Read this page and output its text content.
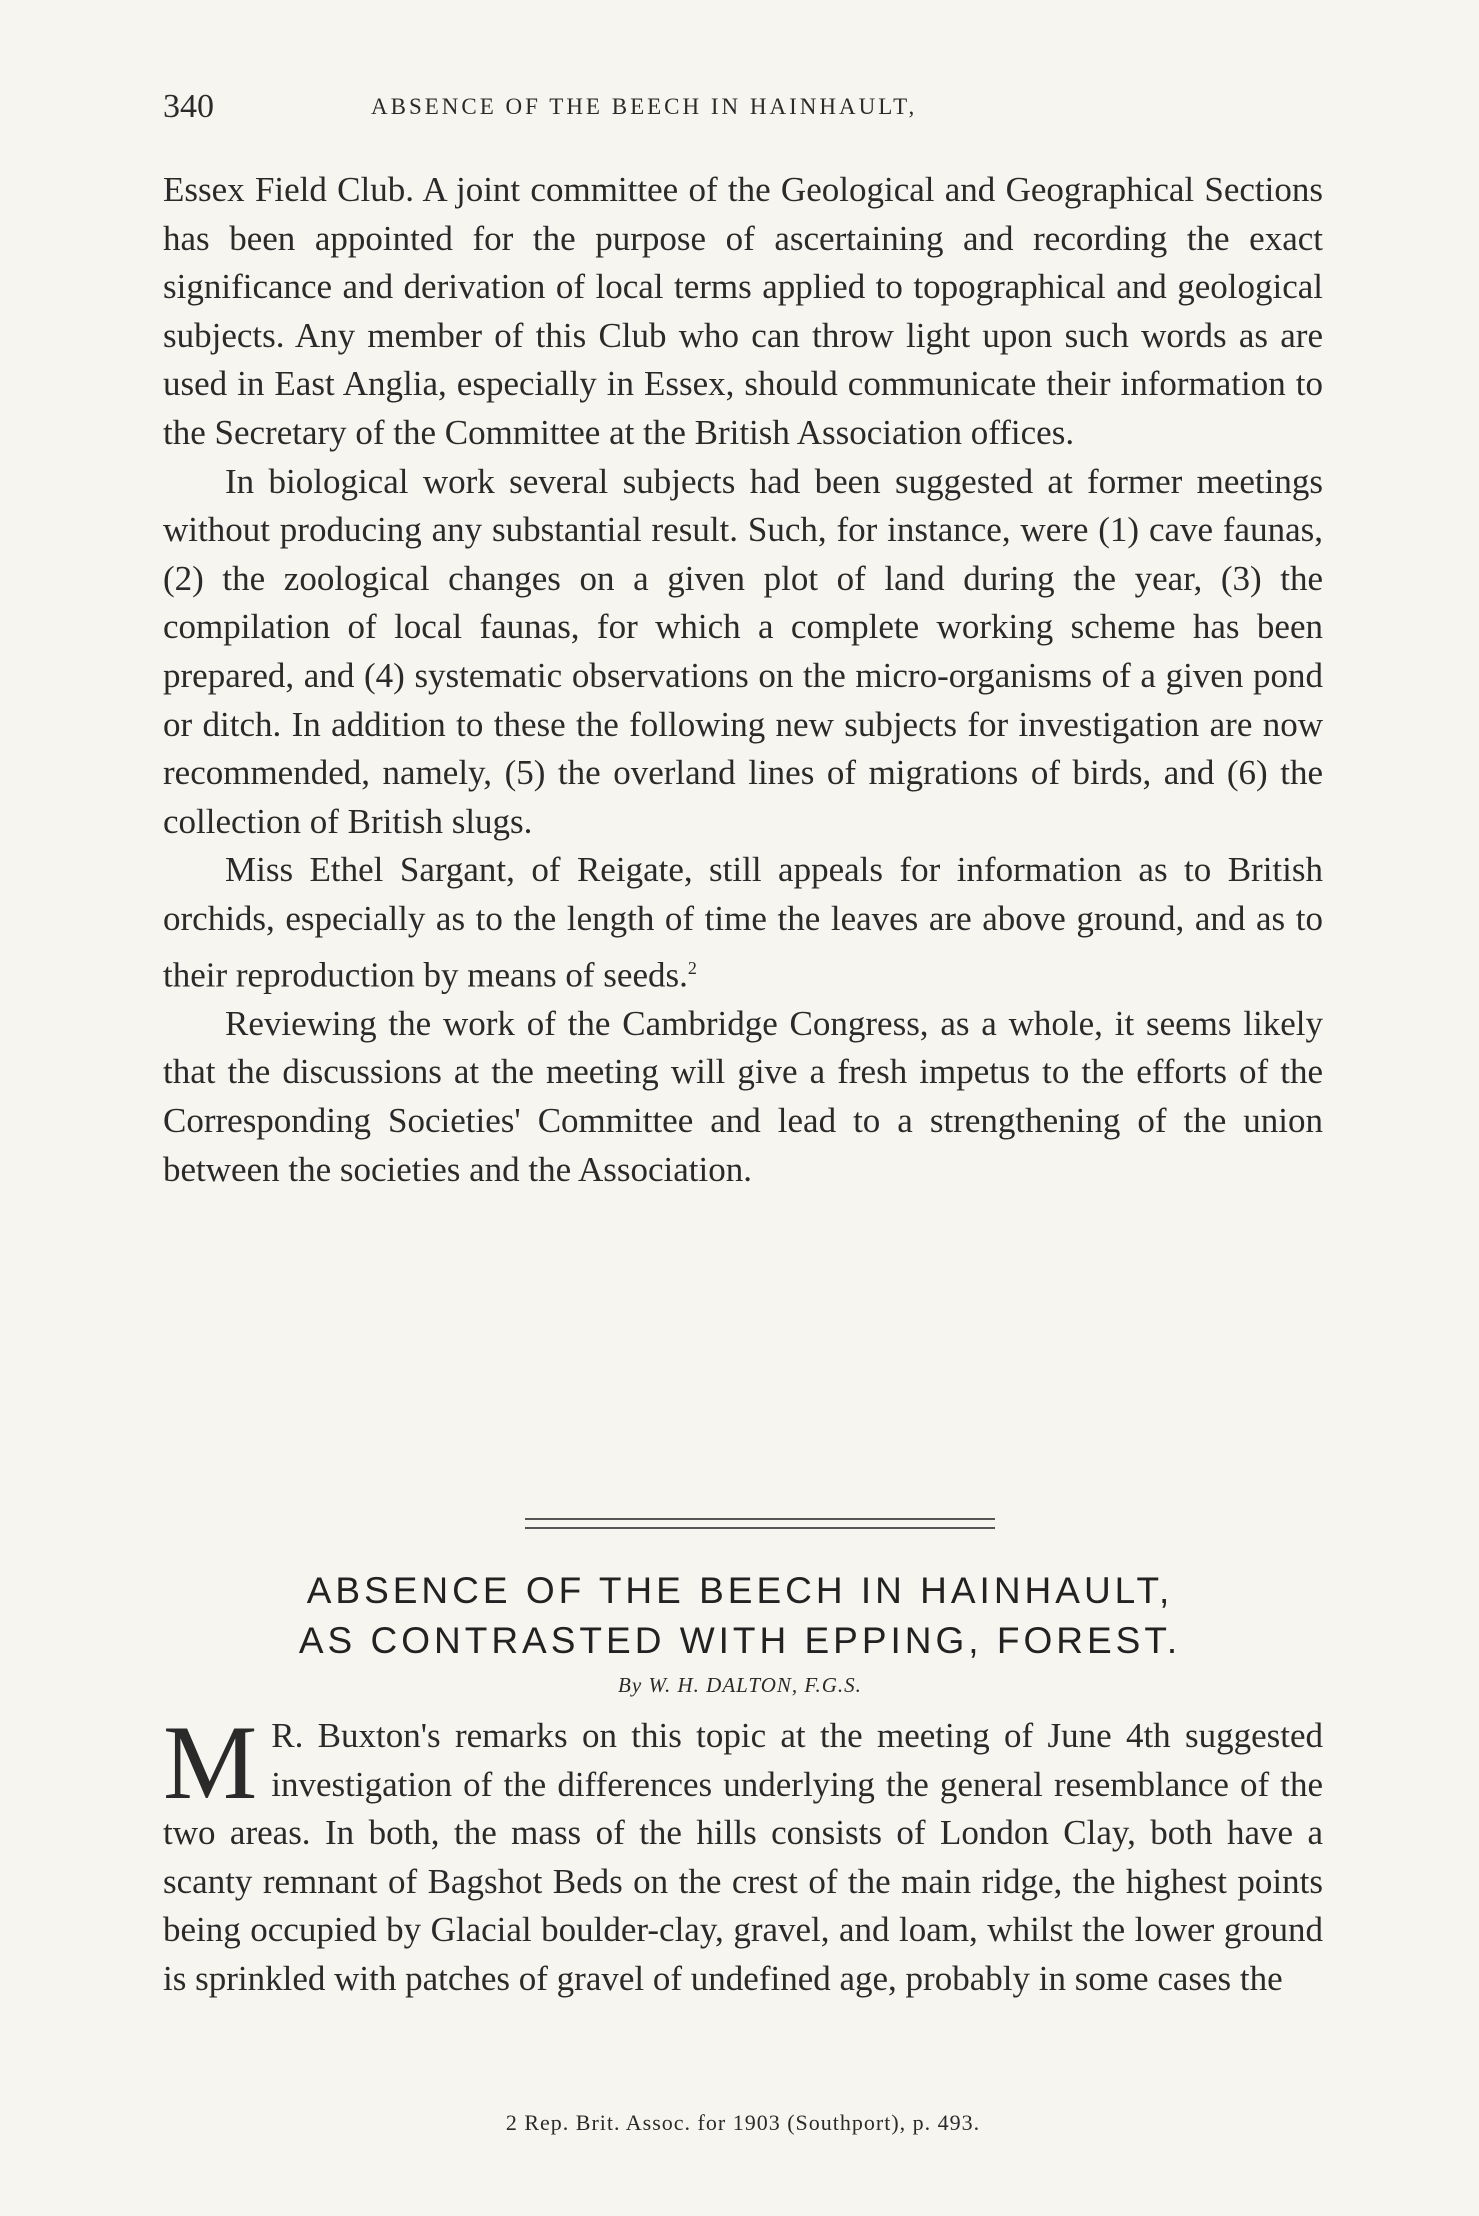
340	ABSENCE OF THE BEECH IN HAINHAULT,

Essex Field Club. A joint committee of the Geological and Geographical Sections has been appointed for the purpose of ascertaining and recording the exact significance and derivation of local terms applied to topographical and geological subjects. Any member of this Club who can throw light upon such words as are used in East Anglia, especially in Essex, should communicate their information to the Secretary of the Committee at the British Association offices.

In biological work several subjects had been suggested at former meetings without producing any substantial result. Such, for instance, were (1) cave faunas, (2) the zoological changes on a given plot of land during the year, (3) the compilation of local faunas, for which a complete working scheme has been prepared, and (4) systematic observations on the micro-organisms of a given pond or ditch. In addition to these the following new subjects for investigation are now recommended, namely, (5) the overland lines of migrations of birds, and (6) the collection of British slugs.

Miss Ethel Sargant, of Reigate, still appeals for information as to British orchids, especially as to the length of time the leaves are above ground, and as to their reproduction by means of seeds.$^2$

Reviewing the work of the Cambridge Congress, as a whole, it seems likely that the discussions at the meeting will give a fresh impetus to the efforts of the Corresponding Societies' Committee and lead to a strengthening of the union between the societies and the Association.

ABSENCE OF THE BEECH IN HAINHAULT,
AS CONTRASTED WITH EPPING, FOREST.
By W. H. DALTON, F.G.S.
M R. Buxton's remarks on this topic at the meeting of June 4th suggested investigation of the differences underlying the general resemblance of the two areas. In both, the mass of the hills consists of London Clay, both have a scanty remnant of Bagshot Beds on the crest of the main ridge, the highest points being occupied by Glacial boulder-clay, gravel, and loam, whilst the lower ground is sprinkled with patches of gravel of undefined age, probably in some cases the
2 Rep. Brit. Assoc. for 1903 (Southport), p. 493.
